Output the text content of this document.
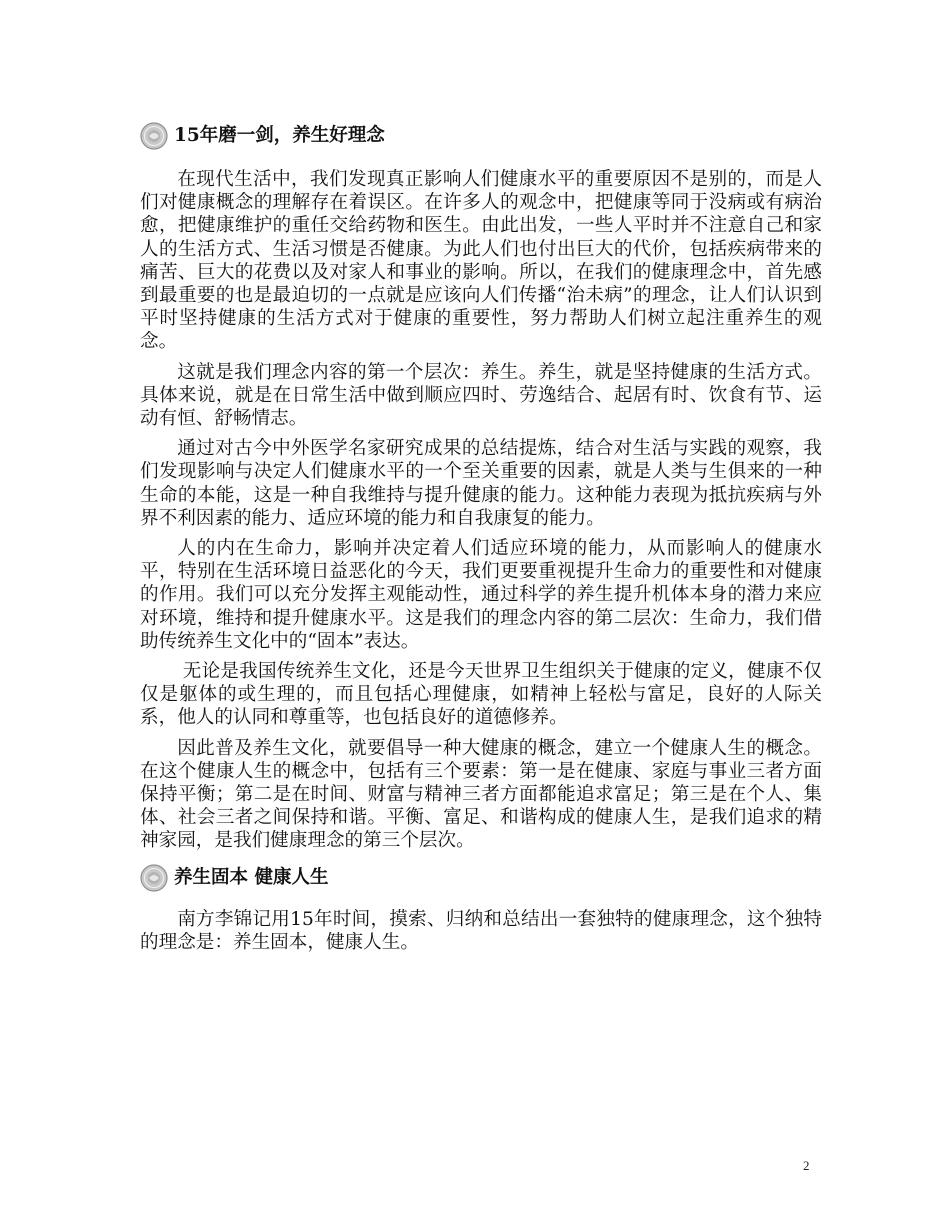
15年磨一剑，养生好理念

在现代生活中，我们发现真正影响人们健康水平的重要原因不是别的，而是人们对健康概念的理解存在着误区。在许多人的观念中，把健康等同于没病或有病治愈，把健康维护的重任交给药物和医生。由此出发，一些人平时并不注意自己和家人的生活方式、生活习惯是否健康。为此人们也付出巨大的代价，包括疾病带来的痛苦、巨大的花费以及对家人和事业的影响。所以，在我们的健康理念中，首先感到最重要的也是最迫切的一点就是应该向人们传播“治未病”的理念，让人们认识到平时坚持健康的生活方式对于健康的重要性，努力帮助人们树立起注重养生的观念。

这就是我们理念内容的第一个层次：养生。养生，就是坚持健康的生活方式。具体来说，就是在日常生活中做到顺应四时、劳逸结合、起居有时、饮食有节、运动有恒、舒畅情志。

通过对古今中外医学名家研究成果的总结提炼，结合对生活与实践的观察，我们发现影响与决定人们健康水平的一个至关重要的因素，就是人类与生俱来的一种生命的本能，这是一种自我维持与提升健康的能力。这种能力表现为抵抗疾病与外界不利因素的能力、适应环境的能力和自我康复的能力。

人的内在生命力，影响并决定着人们适应环境的能力，从而影响人的健康水平，特别在生活环境日益恶化的今天，我们更要重视提升生命力的重要性和对健康的作用。我们可以充分发挥主观能动性，通过科学的养生提升机体本身的潜力来应对环境，维持和提升健康水平。这是我们的理念内容的第二层次：生命力，我们借助传统养生文化中的“固本”表达。

无论是我国传统养生文化，还是今天世界卫生组织关于健康的定义，健康不仅仅是躯体的或生理的，而且包括心理健康，如精神上轻松与富足，良好的人际关系，他人的认同和尊重等，也包括良好的道德修养。

因此普及养生文化，就要倡导一种大健康的概念，建立一个健康人生的概念。在这个健康人生的概念中，包括有三个要素：第一是在健康、家庭与事业三者方面保持平衡；第二是在时间、财富与精神三者方面都能追求富足；第三是在个人、集体、社会三者之间保持和谐。平衡、富足、和谐构成的健康人生，是我们追求的精神家园，是我们健康理念的第三个层次。

养生固本 健康人生

南方李锦记用15年时间，摸索、归纳和总结出一套独特的健康理念，这个独特的理念是：养生固本，健康人生。

2
